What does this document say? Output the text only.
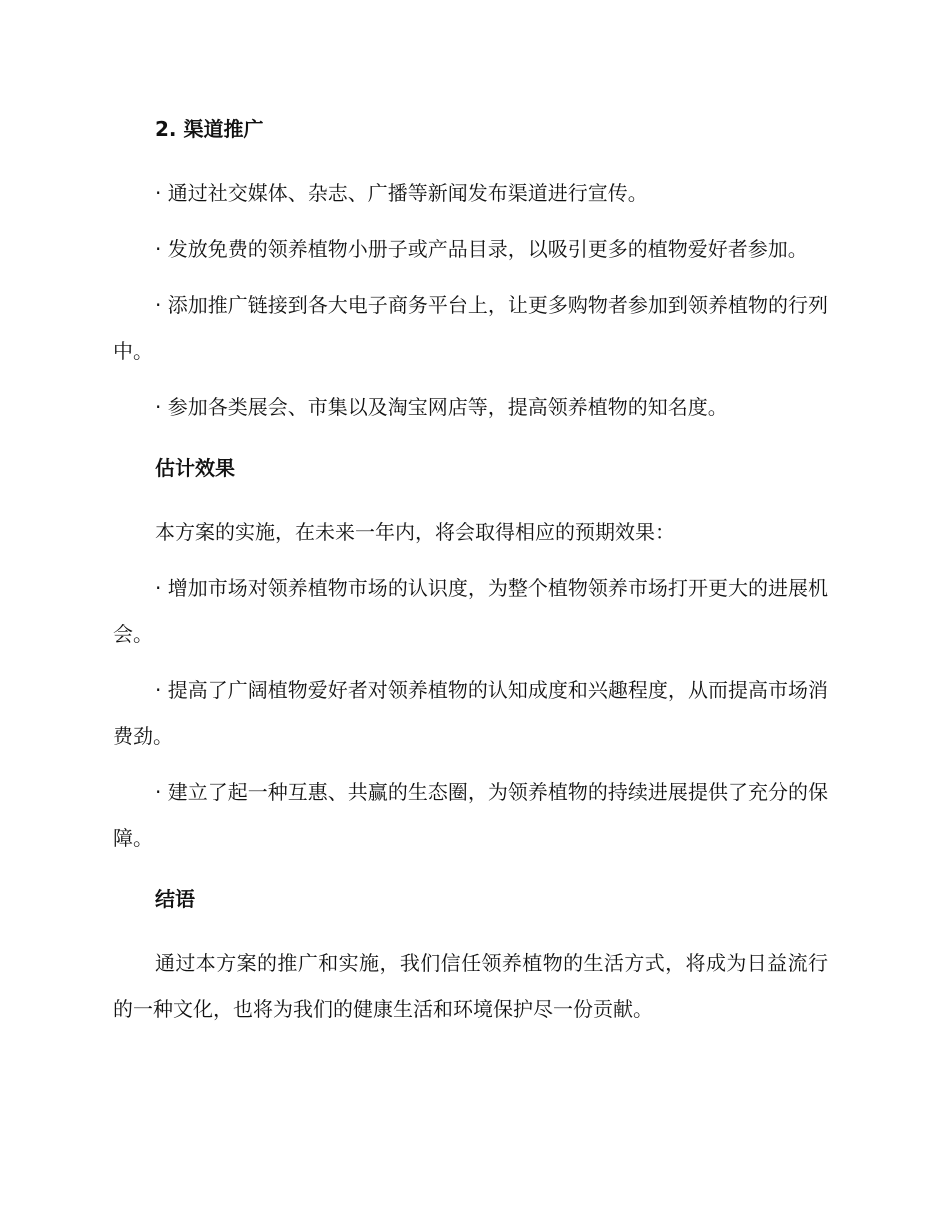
2. 渠道推广

· 通过社交媒体、杂志、广播等新闻发布渠道进行宣传。

· 发放免费的领养植物小册子或产品目录，以吸引更多的植物爱好者参加。

· 添加推广链接到各大电子商务平台上，让更多购物者参加到领养植物的行列中。

· 参加各类展会、市集以及淘宝网店等，提高领养植物的知名度。

估计效果

本方案的实施，在未来一年内，将会取得相应的预期效果：

· 增加市场对领养植物市场的认识度，为整个植物领养市场打开更大的进展机会。

· 提高了广阔植物爱好者对领养植物的认知成度和兴趣程度，从而提高市场消费劲。

· 建立了起一种互惠、共赢的生态圈，为领养植物的持续进展提供了充分的保障。

结语

通过本方案的推广和实施，我们信任领养植物的生活方式，将成为日益流行的一种文化，也将为我们的健康生活和环境保护尽一份贡献。
